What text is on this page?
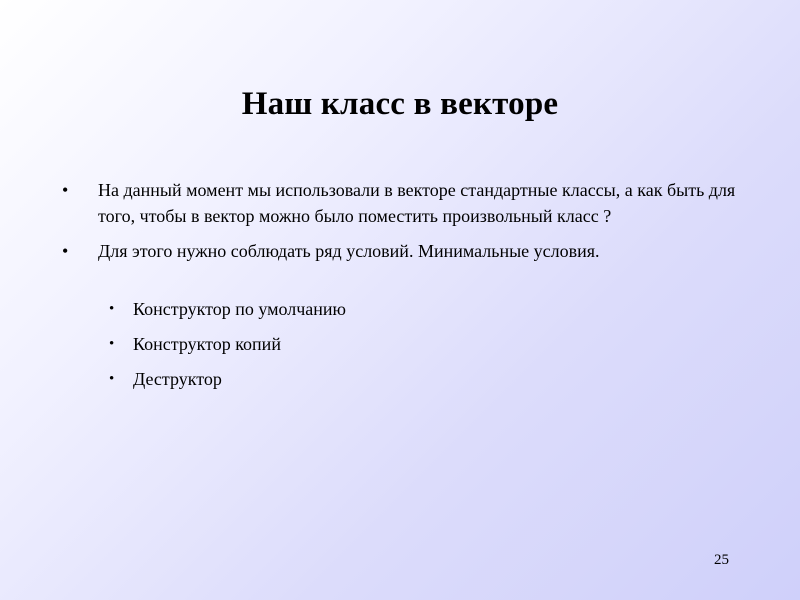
Наш класс в векторе
• На данный момент мы использовали в векторе стандартные классы, а как быть для того, чтобы в вектор можно было поместить произвольный класс ?
• Для этого нужно соблюдать ряд условий. Минимальные условия.
• Конструктор по умолчанию
• Конструктор копий
• Деструктор
25
